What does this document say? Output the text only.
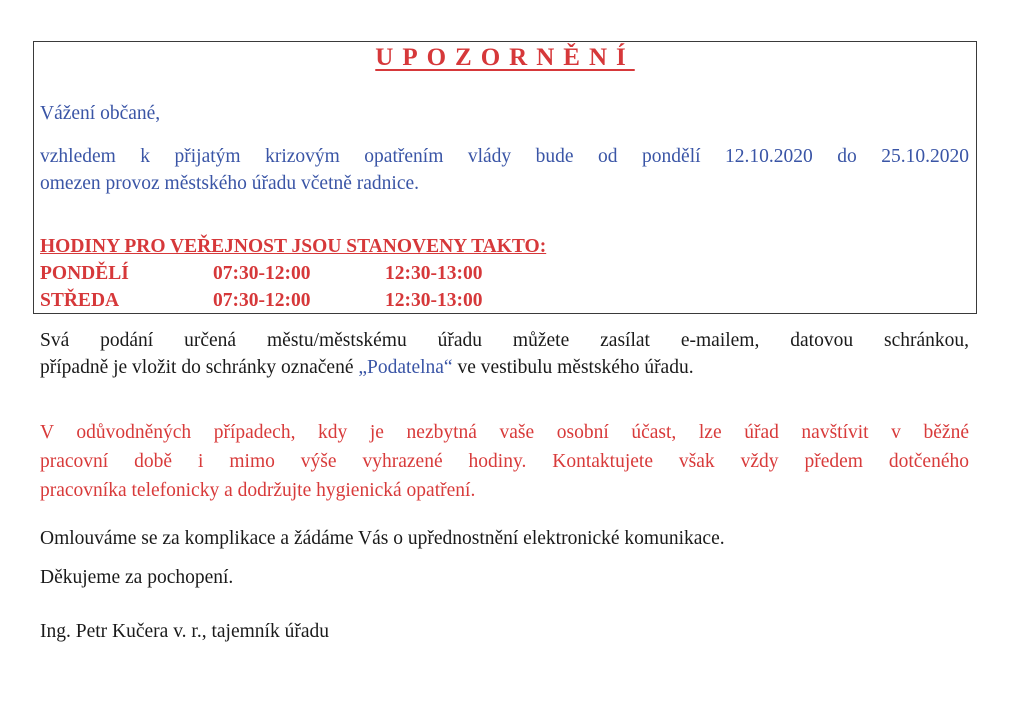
UPOZORNĚNÍ
Vážení občané,
vzhledem k přijatým krizovým opatřením vlády bude od pondělí 12.10.2020 do 25.10.2020
omezen provoz městského úřadu včetně radnice.
HODINY PRO VEŘEJNOST JSOU STANOVENY TAKTO:
PONDĚLÍ	07:30-12:00	12:30-13:00
STŘEDA	07:30-12:00	12:30-13:00
Svá podání určená městu/městskému úřadu můžete zasílat e-mailem, datovou schránkou,
případně je vložit do schránky označené „Podatelna“ ve vestibulu městského úřadu.
V odůvodněných případech, kdy je nezbytná vaše osobní účast, lze úřad navštívit v běžné
pracovní době i mimo výše vyhrazené hodiny. Kontaktujete však vždy předem dotčeného
pracovníka telefonicky a dodržujte hygienická opatření.
Omlouváme se za komplikace a žádáme Vás o upřednostnění elektronické komunikace.
Děkujeme za pochopení.
Ing. Petr Kučera v. r., tajemník úřadu
